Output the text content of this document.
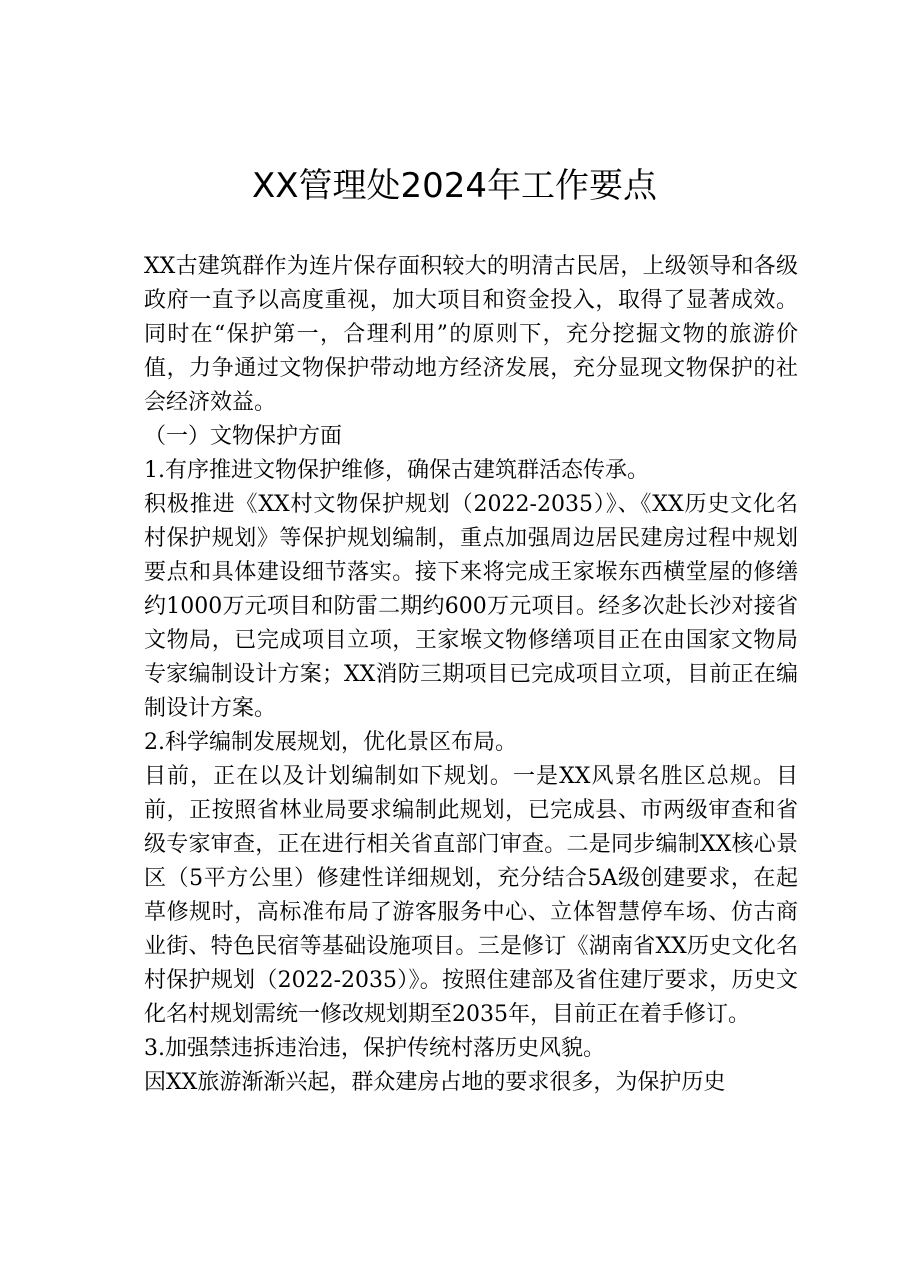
XX管理处2024年工作要点

XX古建筑群作为连片保存面积较大的明清古民居，上级领导和各级政府一直予以高度重视，加大项目和资金投入，取得了显著成效。同时在“保护第一，合理利用”的原则下，充分挖掘文物的旅游价值，力争通过文物保护带动地方经济发展，充分显现文物保护的社会经济效益。

（一）文物保护方面

1.有序推进文物保护维修，确保古建筑群活态传承。

积极推进《XX村文物保护规划（2022-2035）》、《XX历史文化名村保护规划》等保护规划编制，重点加强周边居民建房过程中规划要点和具体建设细节落实。接下来将完成王家堠东西横堂屋的修缮约1000万元项目和防雷二期约600万元项目。经多次赴长沙对接省文物局，已完成项目立项，王家堠文物修缮项目正在由国家文物局专家编制设计方案；XX消防三期项目已完成项目立项，目前正在编制设计方案。

2.科学编制发展规划，优化景区布局。

目前，正在以及计划编制如下规划。一是XX风景名胜区总规。目前，正按照省林业局要求编制此规划，已完成县、市两级审查和省级专家审查，正在进行相关省直部门审查。二是同步编制XX核心景区（5平方公里）修建性详细规划，充分结合5A级创建要求，在起草修规时，高标准布局了游客服务中心、立体智慧停车场、仿古商业街、特色民宿等基础设施项目。三是修订《湖南省XX历史文化名村保护规划（2022-2035）》。按照住建部及省住建厅要求，历史文化名村规划需统一修改规划期至2035年，目前正在着手修订。

3.加强禁违拆违治违，保护传统村落历史风貌。

因XX旅游渐渐兴起，群众建房占地的要求很多，为保护历史
